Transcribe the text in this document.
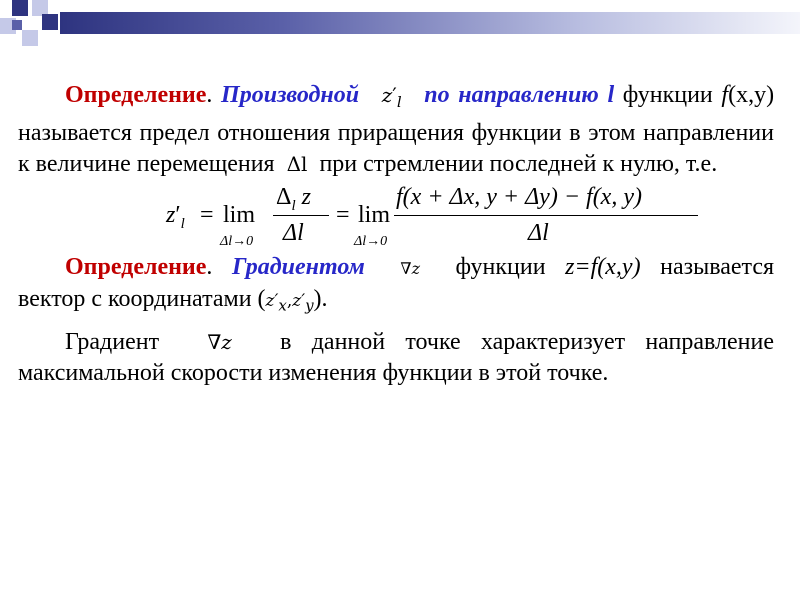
Определение. Производной $z'_l$ по направлению l функции f(x,y) называется предел отношения приращения функции в этом направлении к величине перемещения Δl при стремлении последней к нулю, т.е.

$z'_l = \lim$
Δl→0
$\Delta_l$ z
Δl
= lim
Δl→0
f(x + Δx, y + Δy) − f(x, y)
Δl

Определение. Градиентом ∇z функции z=f(x,y) называется вектор с координатами $(z'_x,z'_y)$.

Градиент ∇z в данной точке характеризует направление максимальной скорости изменения функции в этой точке.
